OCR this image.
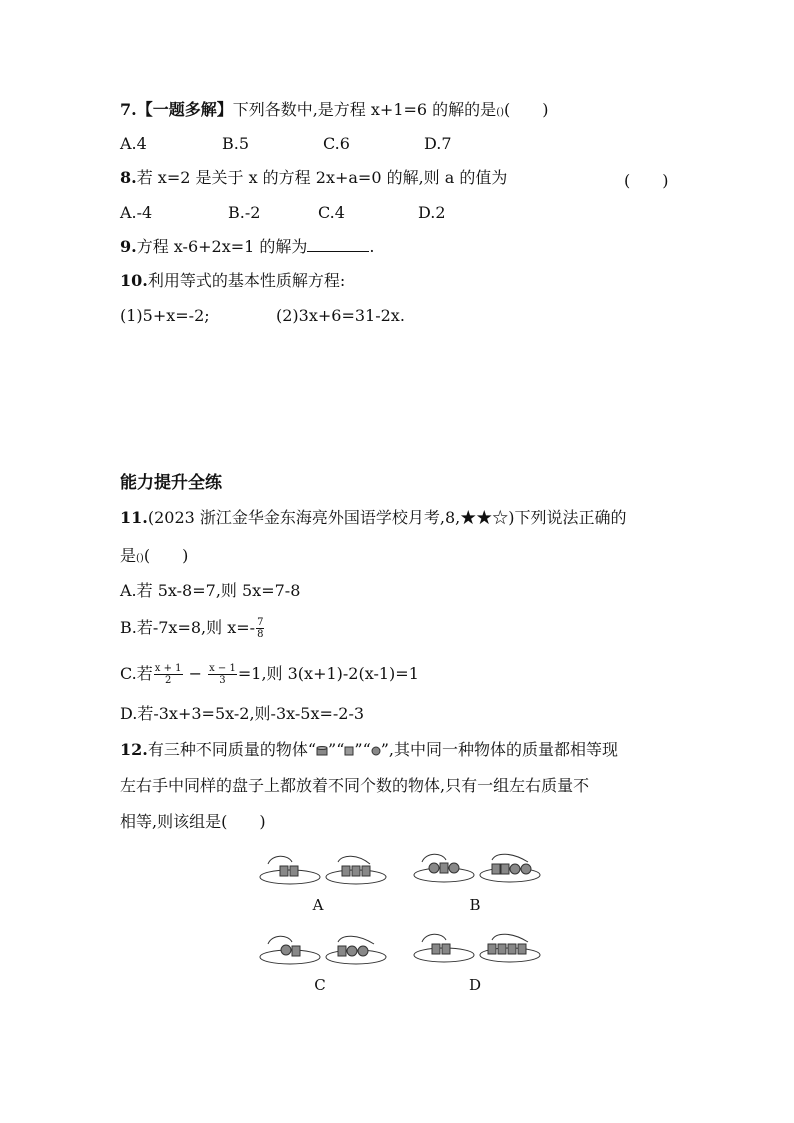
7.【一题多解】下列各数中,是方程 x+1=6 的解的是()(　　)
A.4	B.5	C.6	D.7
8.若 x=2 是关于 x 的方程 2x+a=0 的解,则 a 的值为	(　　)
A.-4	B.-2	C.4	D.2
9.方程 x-6+2x=1 的解为	.
10.利用等式的基本性质解方程:
(1)5+x=-2;	(2)3x+6=31-2x.
能力提升全练
11.(2023 浙江金华金东海亮外国语学校月考,8,★★☆)下列说法正确的
是()(　　)
A.若 5x-8=7,则 5x=7-8
B.若-7x=8,则 $x=- \frac{7}{8}$
C.若 $\frac{x + 1}{2} - \frac{x - 1}{3} =1$,则 3(x+1)-2(x-1)=1
D.若-3x+3=5x-2,则-3x-5x=-2-3
12.有三种不同质量的物体“ ”“ ”“ ”,其中同一种物体的质量都相等现
左右手中同样的盘子上都放着不同个数的物体,只有一组左右质量不
相等,则该组是(　　)
A	B
C	D
